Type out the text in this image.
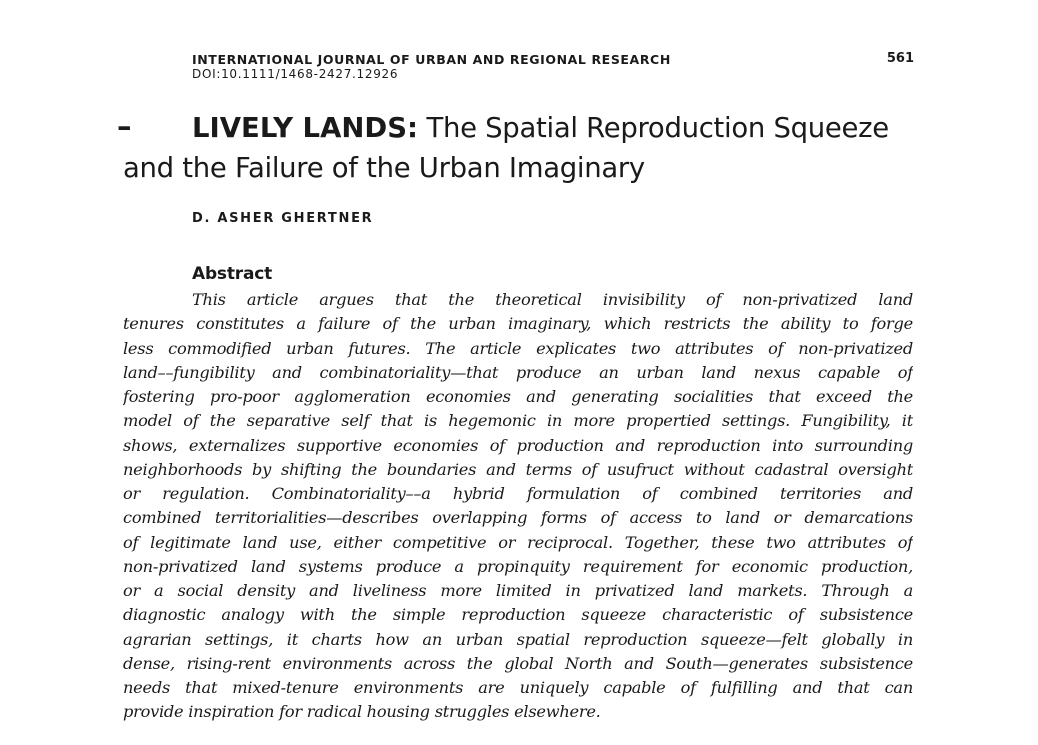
INTERNATIONAL JOURNAL OF URBAN AND REGIONAL RESEARCH
DOI:10.1111/1468-2427.12926
561
–	LIVELY LANDS: The Spatial Reproduction Squeeze
and the Failure of the Urban Imaginary
D. ASHER GHERTNER
Abstract
This article argues that the theoretical invisibility of non-privatized land
tenures constitutes a failure of the urban imaginary, which restricts the ability to forge
less commodified urban futures. The article explicates two attributes of non-privatized
land––fungibility and combinatoriality—that produce an urban land nexus capable of
fostering pro-poor agglomeration economies and generating socialities that exceed the
model of the separative self that is hegemonic in more propertied settings. Fungibility, it
shows, externalizes supportive economies of production and reproduction into surrounding
neighborhoods by shifting the boundaries and terms of usufruct without cadastral oversight
or regulation. Combinatoriality––a hybrid formulation of combined territories and
combined territorialities—describes overlapping forms of access to land or demarcations
of legitimate land use, either competitive or reciprocal. Together, these two attributes of
non-privatized land systems produce a propinquity requirement for economic production,
or a social density and liveliness more limited in privatized land markets. Through a
diagnostic analogy with the simple reproduction squeeze characteristic of subsistence
agrarian settings, it charts how an urban spatial reproduction squeeze—felt globally in
dense, rising-rent environments across the global North and South—generates subsistence
needs that mixed-tenure environments are uniquely capable of fulfilling and that can
provide inspiration for radical housing struggles elsewhere.
